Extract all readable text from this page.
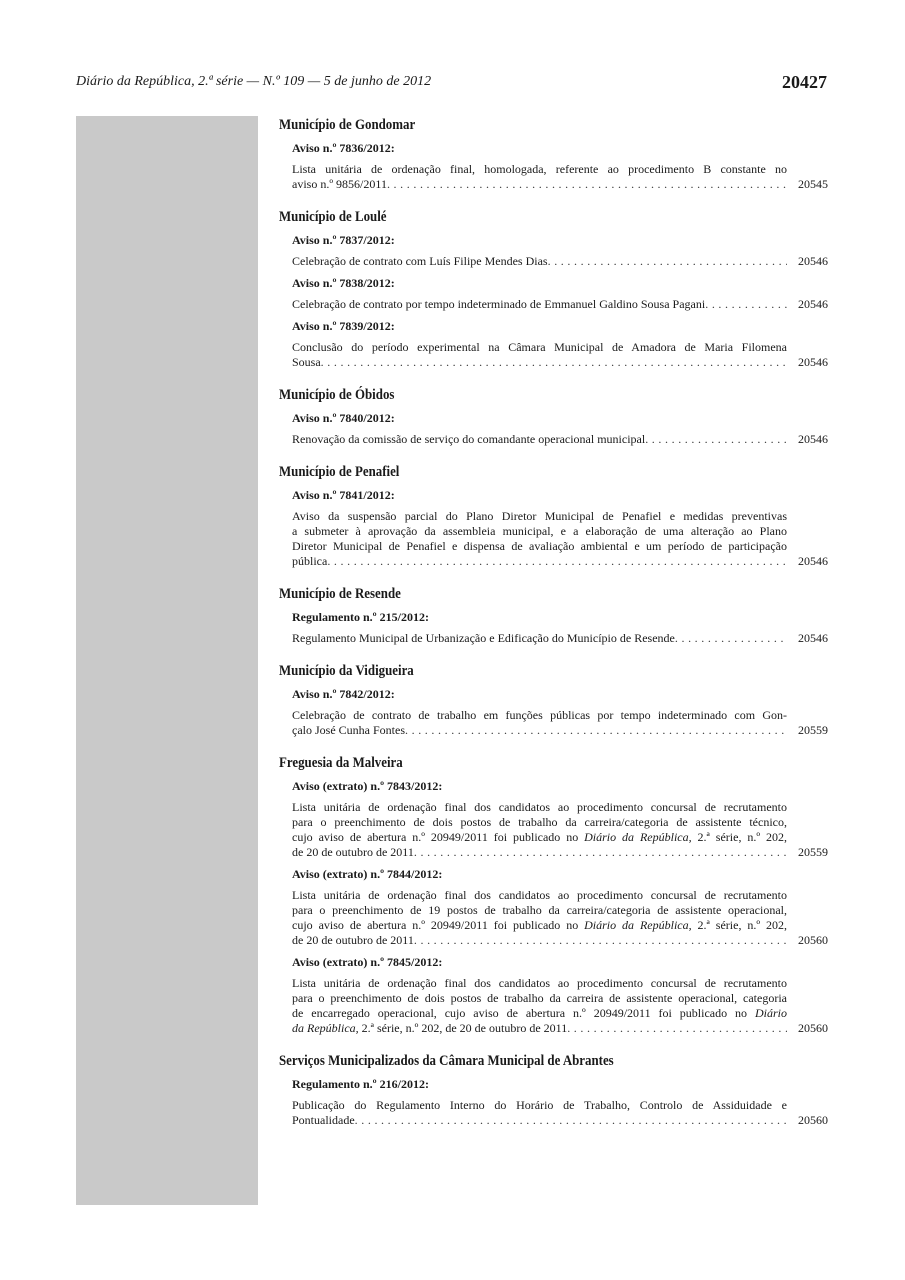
Diário da República, 2.ª série — N.º 109 — 5 de junho de 2012	20427
Município de Gondomar
Aviso n.º 7836/2012:
Lista unitária de ordenação final, homologada, referente ao procedimento B constante no
aviso n.º 9856/2011 . . .	20545
Município de Loulé
Aviso n.º 7837/2012:
Celebração de contrato com Luís Filipe Mendes Dias . . .	20546
Aviso n.º 7838/2012:
Celebração de contrato por tempo indeterminado de Emmanuel Galdino Sousa Pagani . . .	20546
Aviso n.º 7839/2012:
Conclusão do período experimental na Câmara Municipal de Amadora de Maria Filomena
Sousa . . .	20546
Município de Óbidos
Aviso n.º 7840/2012:
Renovação da comissão de serviço do comandante operacional municipal . . .	20546
Município de Penafiel
Aviso n.º 7841/2012:
Aviso da suspensão parcial do Plano Diretor Municipal de Penafiel e medidas preventivas
a submeter à aprovação da assembleia municipal, e a elaboração de uma alteração ao Plano
Diretor Municipal de Penafiel e dispensa de avaliação ambiental e um período de participação
pública . . .	20546
Município de Resende
Regulamento n.º 215/2012:
Regulamento Municipal de Urbanização e Edificação do Município de Resende . . .	20546
Município da Vidigueira
Aviso n.º 7842/2012:
Celebração de contrato de trabalho em funções públicas por tempo indeterminado com Gon-
çalo José Cunha Fontes . . .	20559
Freguesia da Malveira
Aviso (extrato) n.º 7843/2012:
Lista unitária de ordenação final dos candidatos ao procedimento concursal de recrutamento
para o preenchimento de dois postos de trabalho da carreira/categoria de assistente técnico,
cujo aviso de abertura n.º 20949/2011 foi publicado no Diário da República, 2.ª série, n.º 202,
de 20 de outubro de 2011 . . .	20559
Aviso (extrato) n.º 7844/2012:
Lista unitária de ordenação final dos candidatos ao procedimento concursal de recrutamento
para o preenchimento de 19 postos de trabalho da carreira/categoria de assistente operacional,
cujo aviso de abertura n.º 20949/2011 foi publicado no Diário da República, 2.ª série, n.º 202,
de 20 de outubro de 2011 . . .	20560
Aviso (extrato) n.º 7845/2012:
Lista unitária de ordenação final dos candidatos ao procedimento concursal de recrutamento
para o preenchimento de dois postos de trabalho da carreira de assistente operacional, categoria
de encarregado operacional, cujo aviso de abertura n.º 20949/2011 foi publicado no Diário
da República, 2.ª série, n.º 202, de 20 de outubro de 2011 . . .	20560
Serviços Municipalizados da Câmara Municipal de Abrantes
Regulamento n.º 216/2012:
Publicação do Regulamento Interno do Horário de Trabalho, Controlo de Assiduidade e
Pontualidade . . .	20560
